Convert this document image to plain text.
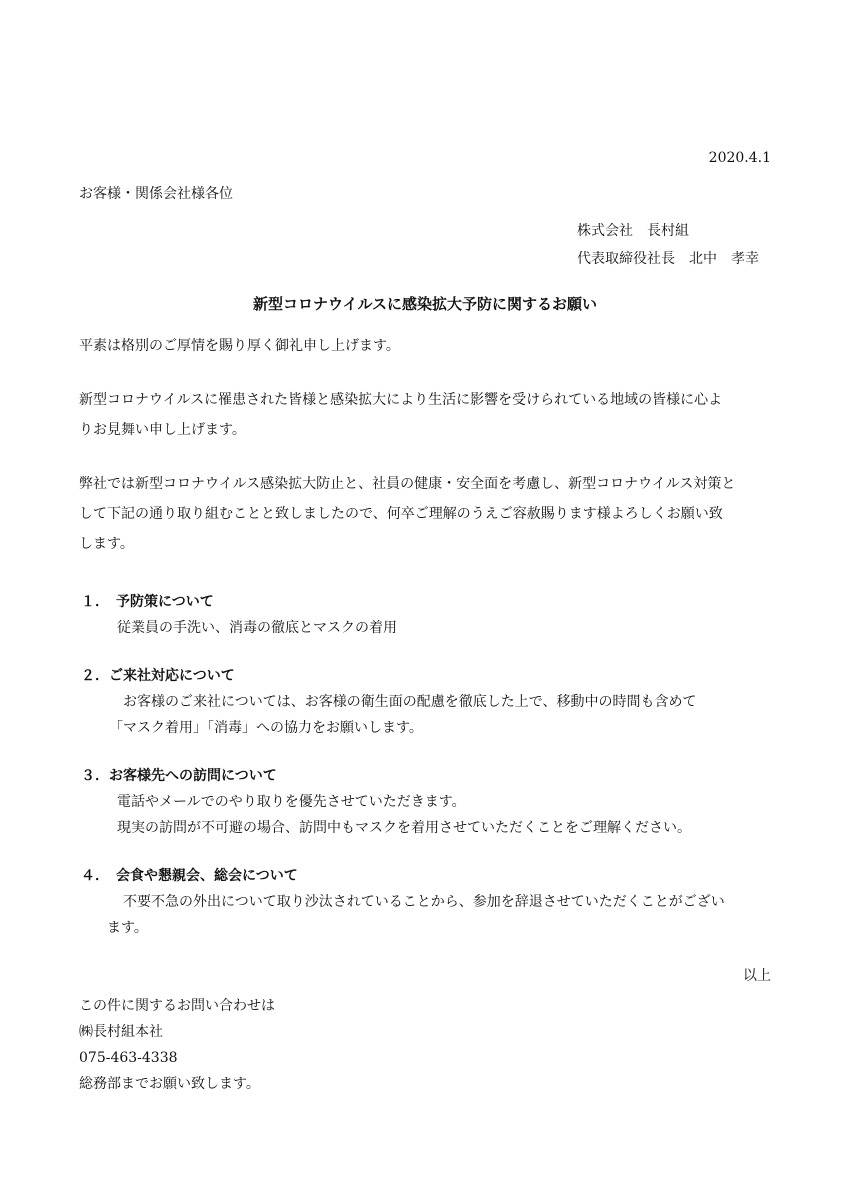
2020.4.1
お客様・関係会社様各位
株式会社　長村組
代表取締役社長　北中　孝幸
新型コロナウイルスに感染拡大予防に関するお願い
平素は格別のご厚情を賜り厚く御礼申し上げます。
新型コロナウイルスに罹患された皆様と感染拡大により生活に影響を受けられている地域の皆様に心よ
りお見舞い申し上げます。
弊社では新型コロナウイルス感染拡大防止と、社員の健康・安全面を考慮し、新型コロナウイルス対策と
して下記の通り取り組むことと致しましたので、何卒ご理解のうえご容赦賜ります様よろしくお願い致
します。
１．　予防策について
従業員の手洗い、消毒の徹底とマスクの着用
２．ご来社対応について
お客様のご来社については、お客様の衛生面の配慮を徹底した上で、移動中の時間も含めて
「マスク着用」「消毒」への協力をお願いします。
３．お客様先への訪問について
電話やメールでのやり取りを優先させていただきます。
現実の訪問が不可避の場合、訪問中もマスクを着用させていただくことをご理解ください。
４．　会食や懇親会、総会について
不要不急の外出について取り沙汰されていることから、参加を辞退させていただくことがござい
ます。
以上
この件に関するお問い合わせは
㈱長村組本社
075-463-4338
総務部までお願い致します。
